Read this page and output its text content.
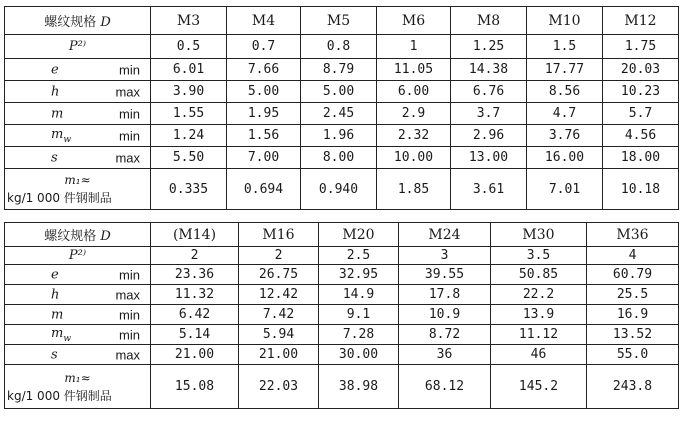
螺纹规格 D	M3	M4	M5	M6	M8	M10	M12
P²⁾	0.5	0.7	0.8	1	1.25	1.5	1.75

e min	6.01	7.66	8.79	11.05	14.38	17.77	20.03

h max	3.90	5.00	5.00	6.00	6.76	8.56	10.23

m min	1.55	1.95	2.45	2.9	3.7	4.7	5.7

$m_w$ min	1.24	1.56	1.96	2.32	2.96	3.76	4.56

s max	5.50	7.00	8.00	10.00	13.00	16.00	18.00

m₁≈
kg/1 000 件钢制品	0.335	0.694	0.940	1.85	3.61	7.01	10.18
螺纹规格 D	(M14)	M16	M20	M24	M30	M36
P²⁾	2	2	2.5	3	3.5	4

e min	23.36	26.75	32.95	39.55	50.85	60.79

h max	11.32	12.42	14.9	17.8	22.2	25.5

m min	6.42	7.42	9.1	10.9	13.9	16.9

$m_w$ min	5.14	5.94	7.28	8.72	11.12	13.52

s max	21.00	21.00	30.00	36	46	55.0

m₁≈
kg/1 000 件钢制品	15.08	22.03	38.98	68.12	145.2	243.8
